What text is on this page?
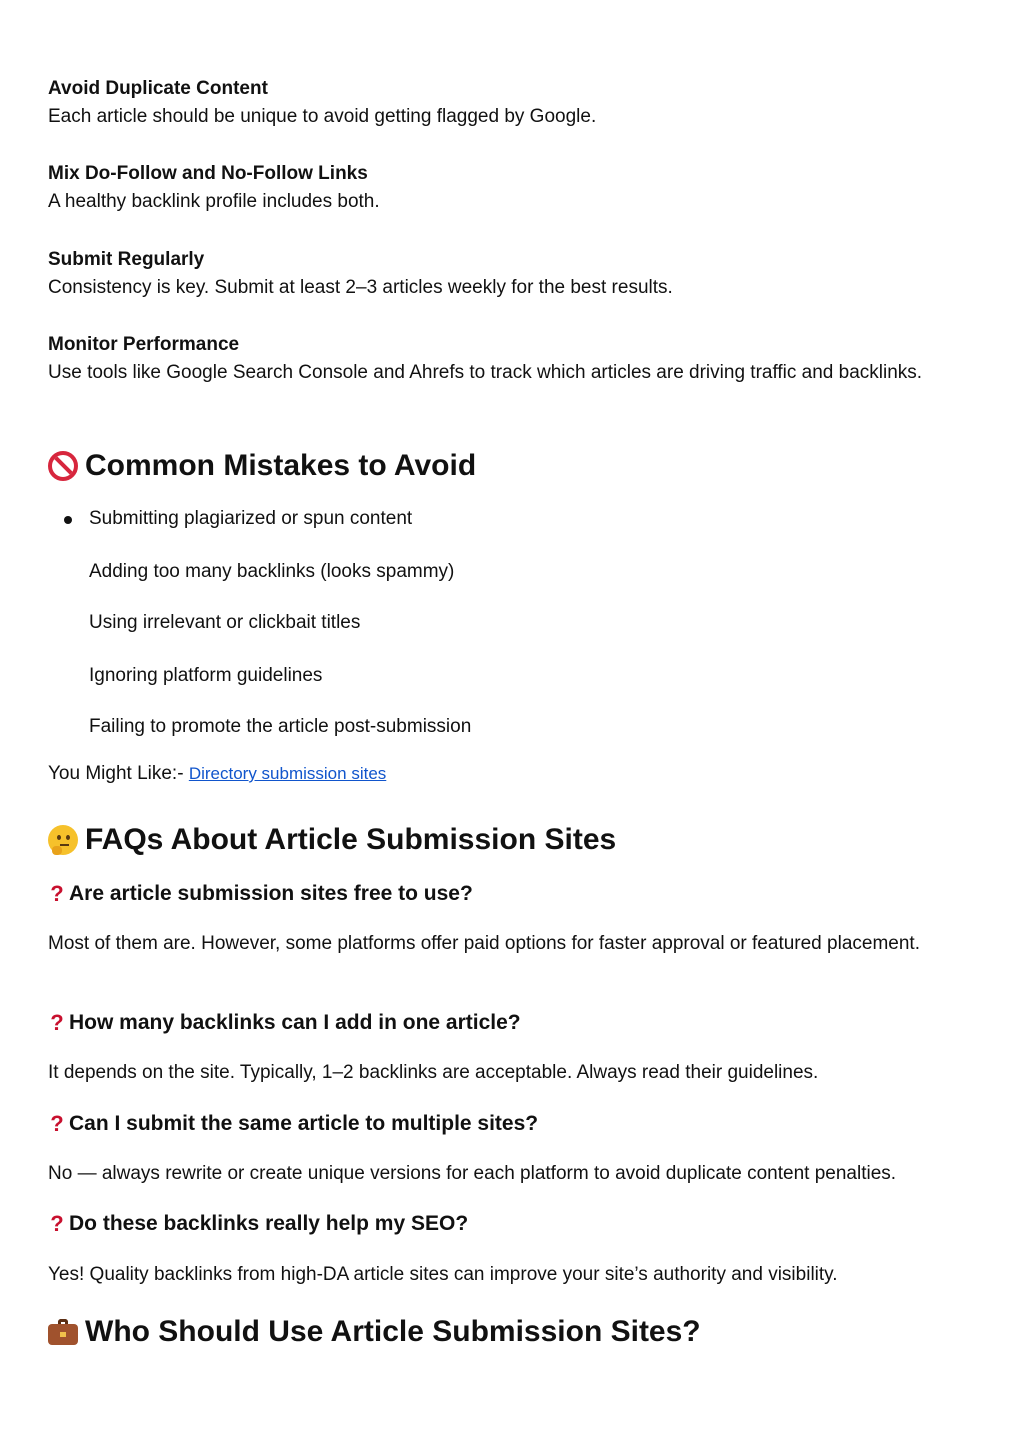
Avoid Duplicate Content
Each article should be unique to avoid getting flagged by Google.
Mix Do-Follow and No-Follow Links
A healthy backlink profile includes both.
Submit Regularly
Consistency is key. Submit at least 2–3 articles weekly for the best results.
Monitor Performance
Use tools like Google Search Console and Ahrefs to track which articles are driving traffic and backlinks.
Common Mistakes to Avoid
Submitting plagiarized or spun content
Adding too many backlinks (looks spammy)
Using irrelevant or clickbait titles
Ignoring platform guidelines
Failing to promote the article post-submission
You Might Like:- Directory submission sites
FAQs About Article Submission Sites
? Are article submission sites free to use?
Most of them are. However, some platforms offer paid options for faster approval or featured placement.
? How many backlinks can I add in one article?
It depends on the site. Typically, 1–2 backlinks are acceptable. Always read their guidelines.
? Can I submit the same article to multiple sites?
No — always rewrite or create unique versions for each platform to avoid duplicate content penalties.
? Do these backlinks really help my SEO?
Yes! Quality backlinks from high-DA article sites can improve your site’s authority and visibility.
Who Should Use Article Submission Sites?
